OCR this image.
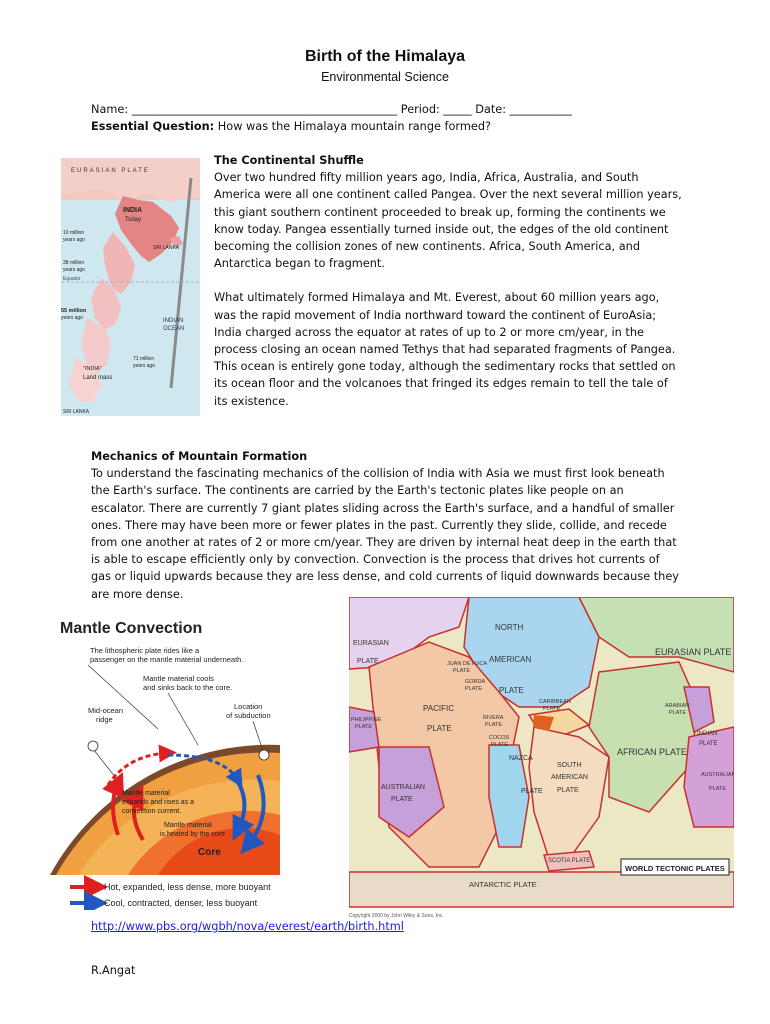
Birth of the Himalaya
Environmental Science
Name: _______________________________________________ Period: _____ Date: ___________
Essential Question: How was the Himalaya mountain range formed?
EURASIAN PLATE
INDIA
Today
SRI LANKA
10 million
years ago
38 million
years ago
Equator
55 million
years ago	INDIAN
OCEAN
71 million
years ago
"INDIA"
Land mass
SRI LANKA
The Continental Shuffle

Over two hundred fifty million years ago, India, Africa, Australia, and South America were all one continent called Pangea. Over the next several million years, this giant southern continent proceeded to break up, forming the continents we know today. Pangea essentially turned inside out, the edges of the old continent becoming the collision zones of new continents. Africa, South America, and Antarctica began to fragment.

What ultimately formed Himalaya and Mt. Everest, about 60 million years ago, was the rapid movement of India northward toward the continent of EuroAsia; India charged across the equator at rates of up to 2 or more cm/year, in the process closing an ocean named Tethys that had separated fragments of Pangea. This ocean is entirely gone today, although the sedimentary rocks that settled on its ocean floor and the volcanoes that fringed its edges remain to tell the tale of its existence.

Mechanics of Mountain Formation
To understand the fascinating mechanics of the collision of India with Asia we must first look beneath the Earth's surface. The continents are carried by the Earth's tectonic plates like people on an escalator. There are currently 7 giant plates sliding across the Earth's surface, and a handful of smaller ones. There may have been more or fewer plates in the past. Currently they slide, collide, and recede from one another at rates of 2 or more cm/year. They are driven by internal heat deep in the earth that is able to escape efficiently only by convection. Convection is the process that drives hot currents of gas or liquid upwards because they are less dense, and cold currents of liquid downwards because they are more dense.
Mantle Convection
The lithospheric plate rides like a
passenger on the mantle material underneath.
Mantle material cools
and sinks back to the core.
Mid-ocean
ridge
Location
of subduction
Mantle material
expands and rises as a
convection current.
Mantle material
is heated by the core
Core
Hot, expanded, less dense, more buoyant
Cool, contracted, denser, less buoyant
EURASIAN
PLATE
NORTH
AMERICAN
PLATE
EURASIAN PLATE
JUAN DE FUCA
PLATE
GORDA
PLATE
PACIFIC
PLATE
PHILIPPINE
PLATE
CARIBBEAN
PLATE
RIVERA
PLATE
COCOS
PLATE
ARABIAN
PLATE
AFRICAN PLATE
INDIAN
PLATE
NAZCA
PLATE
SOUTH
AMERICAN
PLATE
AUSTRALIAN
PLATE
AUSTRALIAN
PLATE
SCOTIA PLATE
WORLD TECTONIC PLATES
ANTARCTIC PLATE
Copyright 2000 by John Wiley & Sons, Inc.
http://www.pbs.org/wgbh/nova/everest/earth/birth.html
R.Angat
